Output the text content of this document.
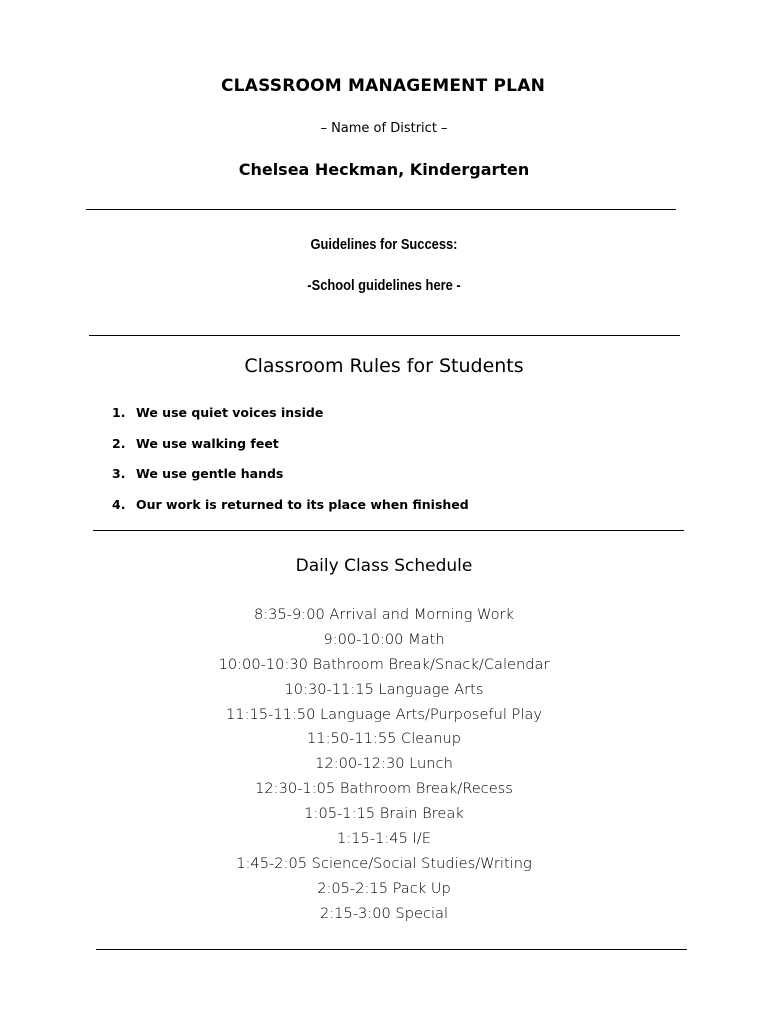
CLASSROOM MANAGEMENT PLAN
– Name of District –
Chelsea Heckman, Kindergarten
Guidelines for Success:
-School guidelines here -
Classroom Rules for Students
1. We use quiet voices inside
2. We use walking feet
3. We use gentle hands
4. Our work is returned to its place when finished
Daily Class Schedule
8:35-9:00 Arrival and Morning Work
9:00-10:00 Math
10:00-10:30 Bathroom Break/Snack/Calendar
10:30-11:15 Language Arts
11:15-11:50 Language Arts/Purposeful Play
11:50-11:55 Cleanup
12:00-12:30 Lunch
12:30-1:05 Bathroom Break/Recess
1:05-1:15 Brain Break
1:15-1:45 I/E
1:45-2:05 Science/Social Studies/Writing
2:05-2:15 Pack Up
2:15-3:00 Special
